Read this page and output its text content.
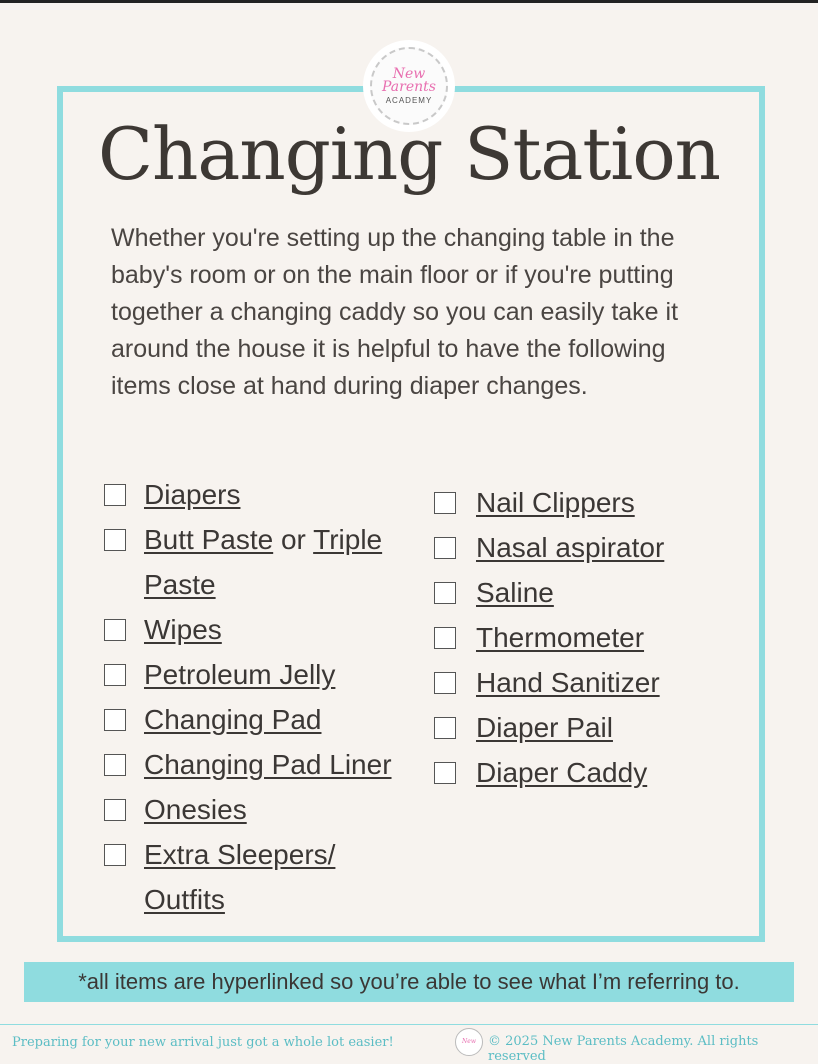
New
Parents
ACADEMY
Changing Station
Whether you're setting up the changing table in the baby's room or on the main floor or if you're putting together a changing caddy so you can easily take it around the house it is helpful to have the following items close at hand during diaper changes.
Diapers
Butt Paste or Triple Paste
Wipes
Petroleum Jelly
Changing Pad
Changing Pad Liner
Onesies
Extra Sleepers/ Outfits
Nail Clippers
Nasal aspirator
Saline
Thermometer
Hand Sanitizer
Diaper Pail
Diaper Caddy
*all items are hyperlinked so you’re able to see what I’m referring to.
Preparing for your new arrival just got a whole lot easier!	New © 2025 New Parents Academy. All rights reserved
